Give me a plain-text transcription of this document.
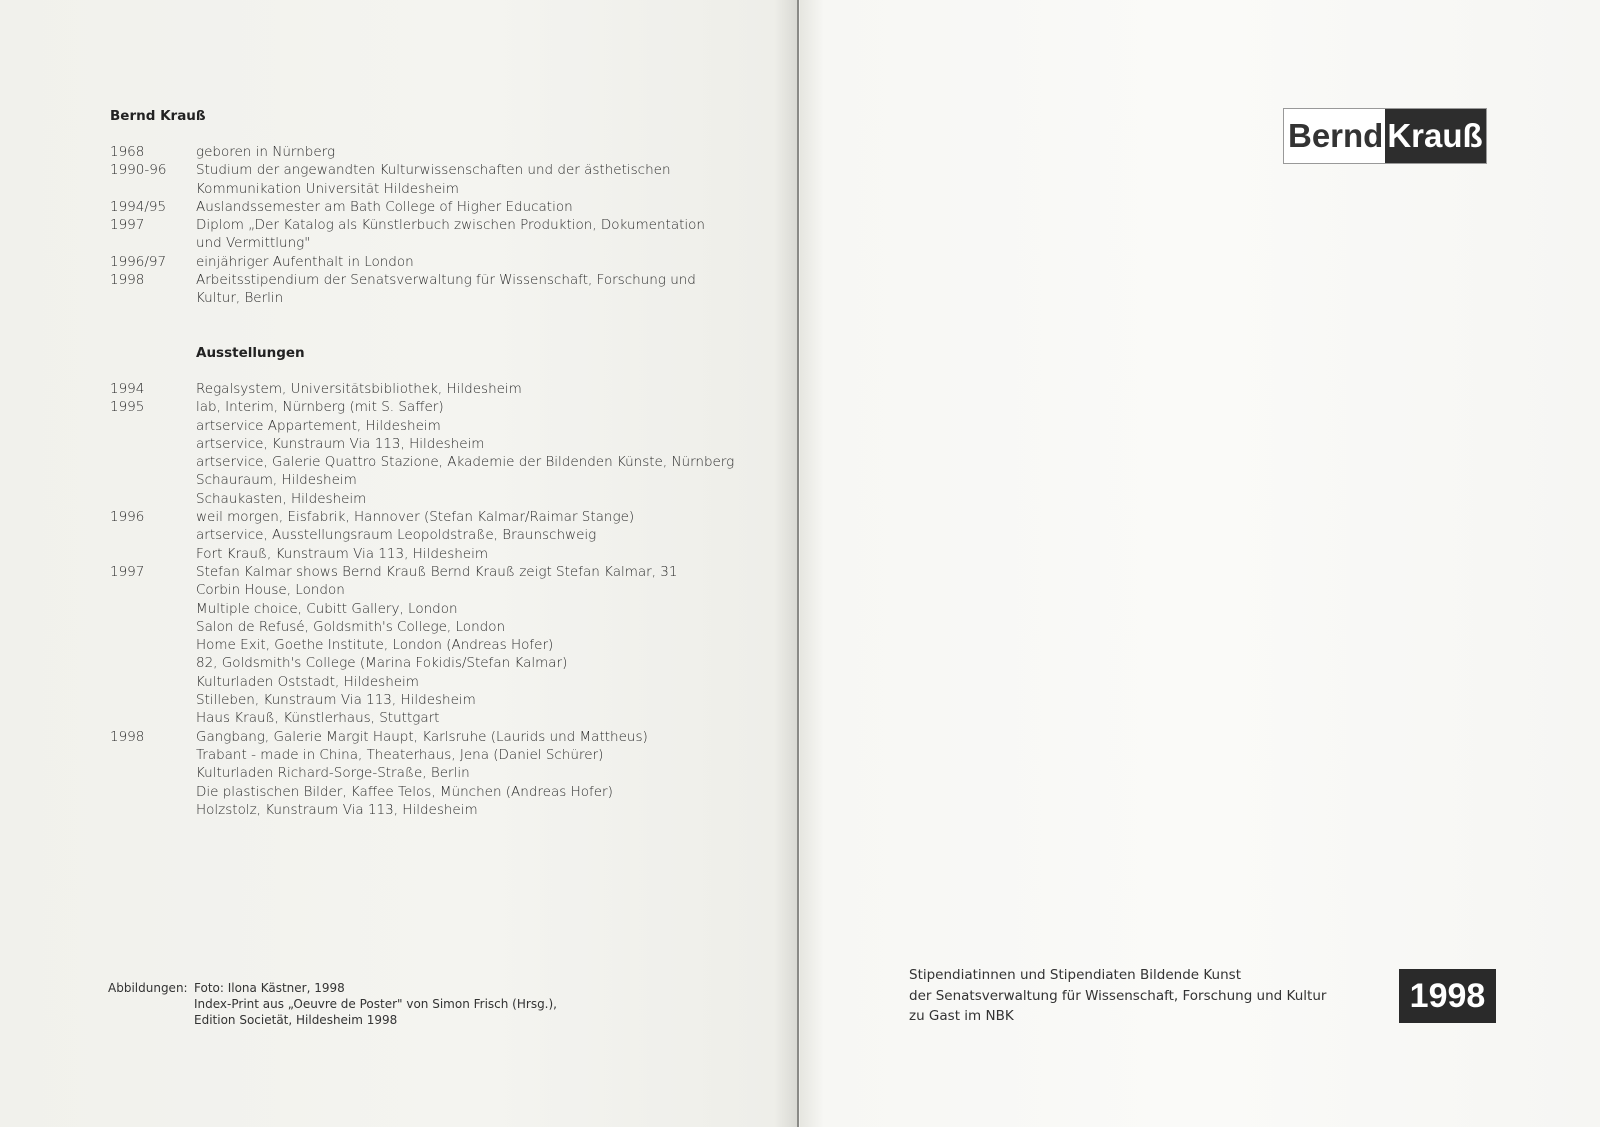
Bernd Krauß
1968	geboren in Nürnberg
1990-96	Studium der angewandten Kulturwissenschaften und der ästhetischen Kommunikation Universität Hildesheim
1994/95	Auslandssemester am Bath College of Higher Education
1997	Diplom „Der Katalog als Künstlerbuch zwischen Produktion, Dokumentation und Vermittlung"
1996/97	einjähriger Aufenthalt in London
1998	Arbeitsstipendium der Senatsverwaltung für Wissenschaft, Forschung und Kultur, Berlin
Ausstellungen
1994	Regalsystem, Universitätsbibliothek, Hildesheim
1995	lab, Interim, Nürnberg (mit S. Saffer)
artservice Appartement, Hildesheim
artservice, Kunstraum Via 113, Hildesheim
artservice, Galerie Quattro Stazione, Akademie der Bildenden Künste, Nürnberg
Schauraum, Hildesheim
Schaukasten, Hildesheim
1996	weil morgen, Eisfabrik, Hannover (Stefan Kalmar/Raimar Stange)
artservice, Ausstellungsraum Leopoldstraße, Braunschweig
Fort Krauß, Kunstraum Via 113, Hildesheim
1997	Stefan Kalmar shows Bernd Krauß Bernd Krauß zeigt Stefan Kalmar, 31
Corbin House, London
Multiple choice, Cubitt Gallery, London
Salon de Refusé, Goldsmith's College, London
Home Exit, Goethe Institute, London (Andreas Hofer)
82, Goldsmith's College (Marina Fokidis/Stefan Kalmar)
Kulturladen Oststadt, Hildesheim
Stilleben, Kunstraum Via 113, Hildesheim
Haus Krauß, Künstlerhaus, Stuttgart
1998	Gangbang, Galerie Margit Haupt, Karlsruhe (Laurids und Mattheus)
Trabant - made in China, Theaterhaus, Jena (Daniel Schürer)
Kulturladen Richard-Sorge-Straße, Berlin
Die plastischen Bilder, Kaffee Telos, München (Andreas Hofer)
Holzstolz, Kunstraum Via 113, Hildesheim
Abbildungen: Foto: Ilona Kästner, 1998
Index-Print aus „Oeuvre de Poster" von Simon Frisch (Hrsg.),
Edition Societät, Hildesheim 1998
Bernd Krauß
Stipendiatinnen und Stipendiaten Bildende Kunst
der Senatsverwaltung für Wissenschaft, Forschung und Kultur
zu Gast im NBK
1998
